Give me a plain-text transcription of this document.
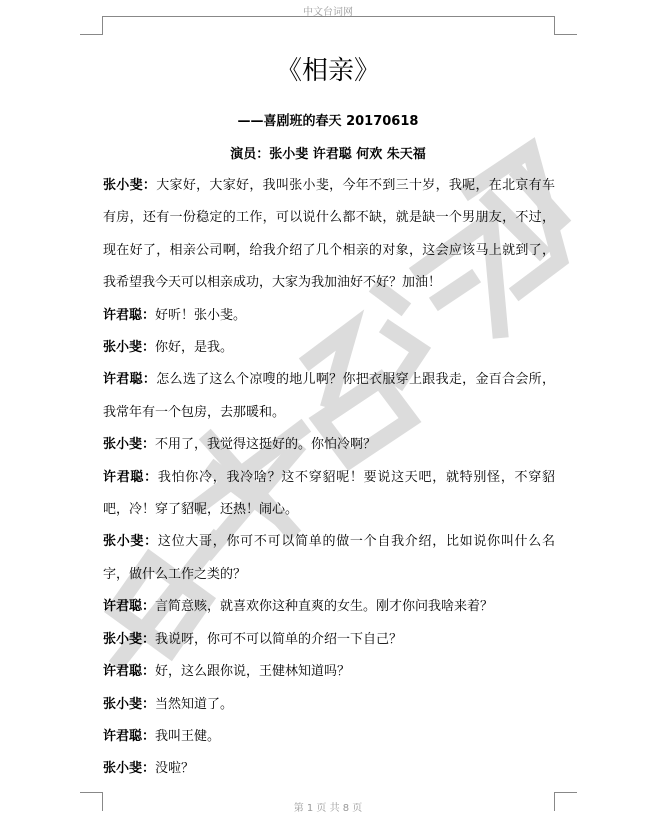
中文台词网
《相亲》
——喜剧班的春天 20170618
演员：张小斐 许君聪 何欢 朱天福

张小斐：大家好，大家好，我叫张小斐，今年不到三十岁，我呢，在北京有车有房，还有一份稳定的工作，可以说什么都不缺，就是缺一个男朋友，不过，现在好了，相亲公司啊，给我介绍了几个相亲的对象，这会应该马上就到了，我希望我今天可以相亲成功，大家为我加油好不好？加油！

许君聪：好听！张小斐。

张小斐：你好，是我。

许君聪：怎么选了这么个凉嗖的地儿啊？你把衣服穿上跟我走，金百合会所，我常年有一个包房，去那暖和。

张小斐：不用了，我觉得这挺好的。你怕冷啊？

许君聪：我怕你冷，我冷啥？这不穿貂呢！要说这天吧，就特别怪，不穿貂吧，冷！穿了貂呢，还热！闹心。

张小斐：这位大哥，你可不可以简单的做一个自我介绍，比如说你叫什么名字，做什么工作之类的？

许君聪：言简意赅，就喜欢你这种直爽的女生。刚才你问我啥来着？

张小斐：我说呀，你可不可以简单的介绍一下自己？

许君聪：好，这么跟你说，王健林知道吗？

张小斐：当然知道了。

许君聪：我叫王健。

张小斐：没啦？

第 1 页 共 8 页
